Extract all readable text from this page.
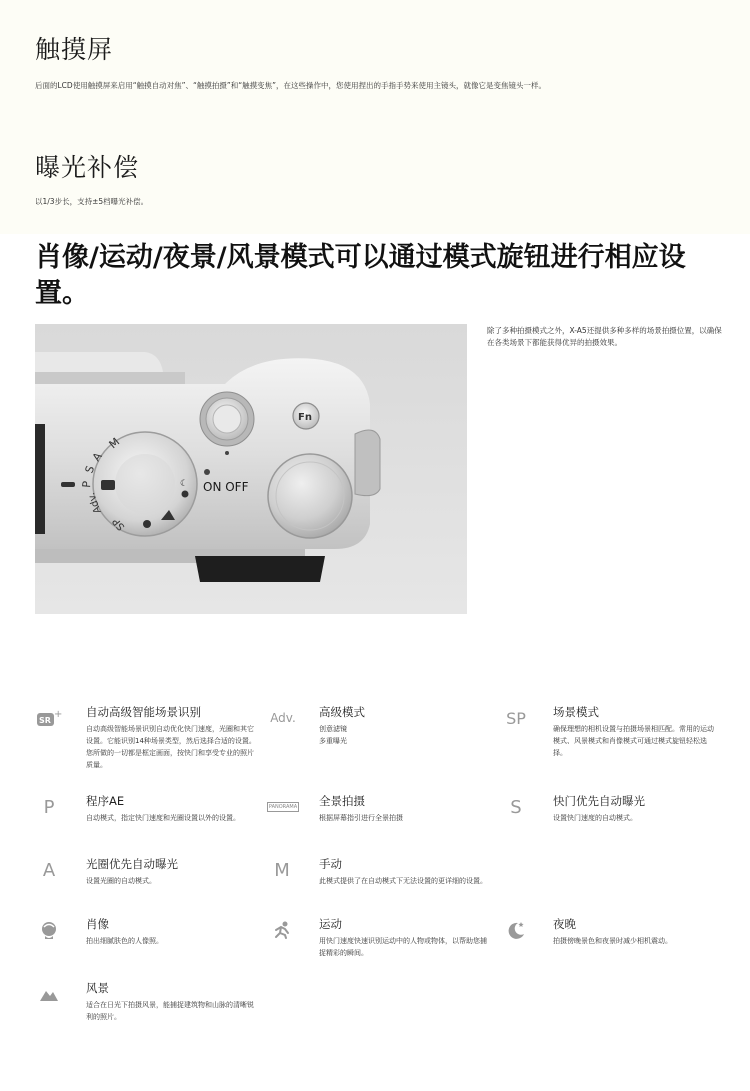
触摸屏

后面的LCD使用触摸屏来启用“触摸自动对焦”、“触摸拍摄”和“触摸变焦”，在这些操作中，您使用捏出的手指手势来使用主镜头，就像它是变焦镜头一样。

曝光补偿

以1/3步长，支持±5档曝光补偿。

肖像/运动/夜景/风景模式可以通过模式旋钮进行相应设置。
M
A
S
P
Adv.
SP
☾ ON OFF
Fn

除了多种拍摄模式之外，X-A5还提供多种多样的场景拍摄位置，以确保在各类场景下都能获得优异的拍摄效果。

SR
+ 自动高级智能场景识别
自动高级智能场景识别自动优化快门速度，光圈和其它设置。它能识别14种场景类型，然后选择合适的设置。您所做的一切都是框定画面，按快门和享受专业的照片质量。
Adv. 高级模式
创意滤镜
多重曝光
SP	场景模式
确保理想的相机设置与拍摄场景相匹配。常用的运动模式、风景模式和肖像模式可通过模式旋钮轻松选择。
P	程序AE
自动模式，指定快门速度和光圈设置以外的设置。
PANORAMA 全景拍摄
根据屏幕指引进行全景拍摄
S	快门优先自动曝光
设置快门速度的自动模式。
A	光圈优先自动曝光
设置光圈的自动模式。
M	手动
此模式提供了在自动模式下无法设置的更详细的设置。
肖像
拍出细腻肤色的人像照。
运动
用快门速度快速识别运动中的人物或物体，以帮助您捕捉精彩的瞬间。
夜晚
拍摄傍晚景色和夜景时减少相机震动。
风景
适合在日光下拍摄风景，能捕捉建筑物和山脉的清晰锐利的照片。
